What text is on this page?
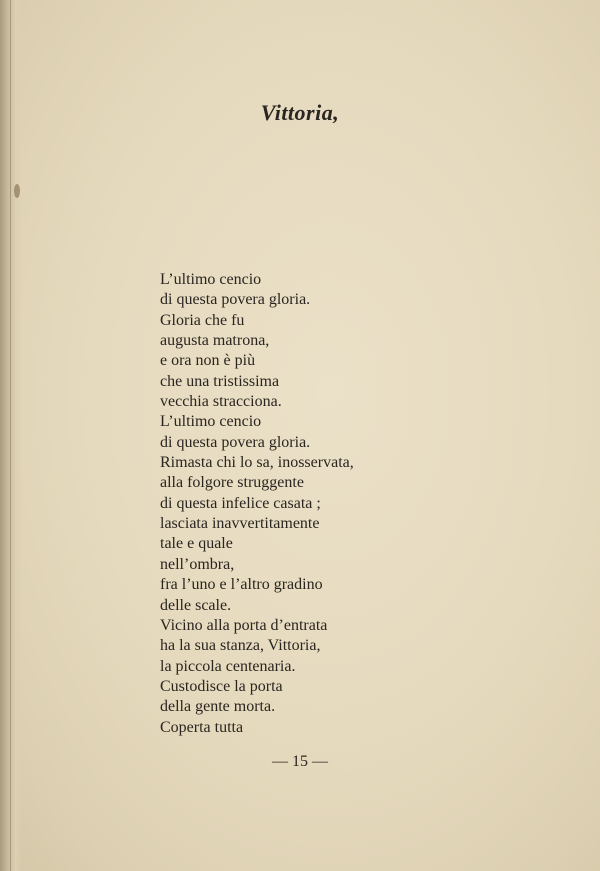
Vittoria,
L’ultimo cencio
di questa povera gloria.
Gloria che fu
augusta matrona,
e ora non è più
che una tristissima
vecchia stracciona.
L’ultimo cencio
di questa povera gloria.
Rimasta chi lo sa, inosservata,
alla folgore struggente
di questa infelice casata ;
lasciata inavvertitamente
tale e quale
nell’ombra,
fra l’uno e l’altro gradino
delle scale.
Vicino alla porta d’entrata
ha la sua stanza, Vittoria,
la piccola centenaria.
Custodisce la porta
della gente morta.
Coperta tutta

— 15 —
